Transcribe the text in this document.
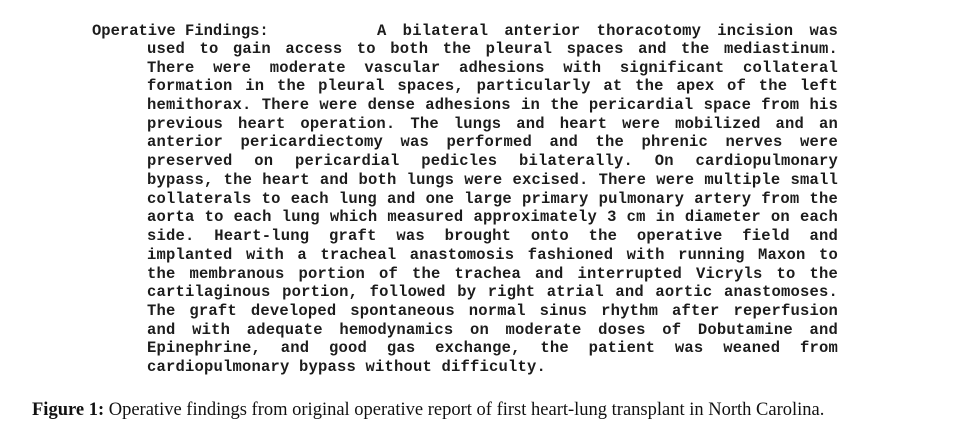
Operative Findings:	A bilateral anterior thoracotomy incision was
used to gain access to both the pleural spaces and the mediastinum.
There were moderate vascular adhesions with significant collateral
formation in the pleural spaces, particularly at the apex of the left
hemithorax. There were dense adhesions in the pericardial space from his
previous heart operation. The lungs and heart were mobilized and an
anterior pericardiectomy was performed and the phrenic nerves were
preserved on pericardial pedicles bilaterally. On cardiopulmonary
bypass, the heart and both lungs were excised. There were multiple small
collaterals to each lung and one large primary pulmonary artery from the
aorta to each lung which measured approximately 3 cm in diameter on each
side. Heart-lung graft was brought onto the operative field and
implanted with a tracheal anastomosis fashioned with running Maxon to
the membranous portion of the trachea and interrupted Vicryls to the
cartilaginous portion, followed by right atrial and aortic anastomoses.
The graft developed spontaneous normal sinus rhythm after reperfusion
and with adequate hemodynamics on moderate doses of Dobutamine and
Epinephrine, and good gas exchange, the patient was weaned from
cardiopulmonary bypass without difficulty.
Figure 1: Operative findings from original operative report of first heart-lung transplant in North Carolina.
